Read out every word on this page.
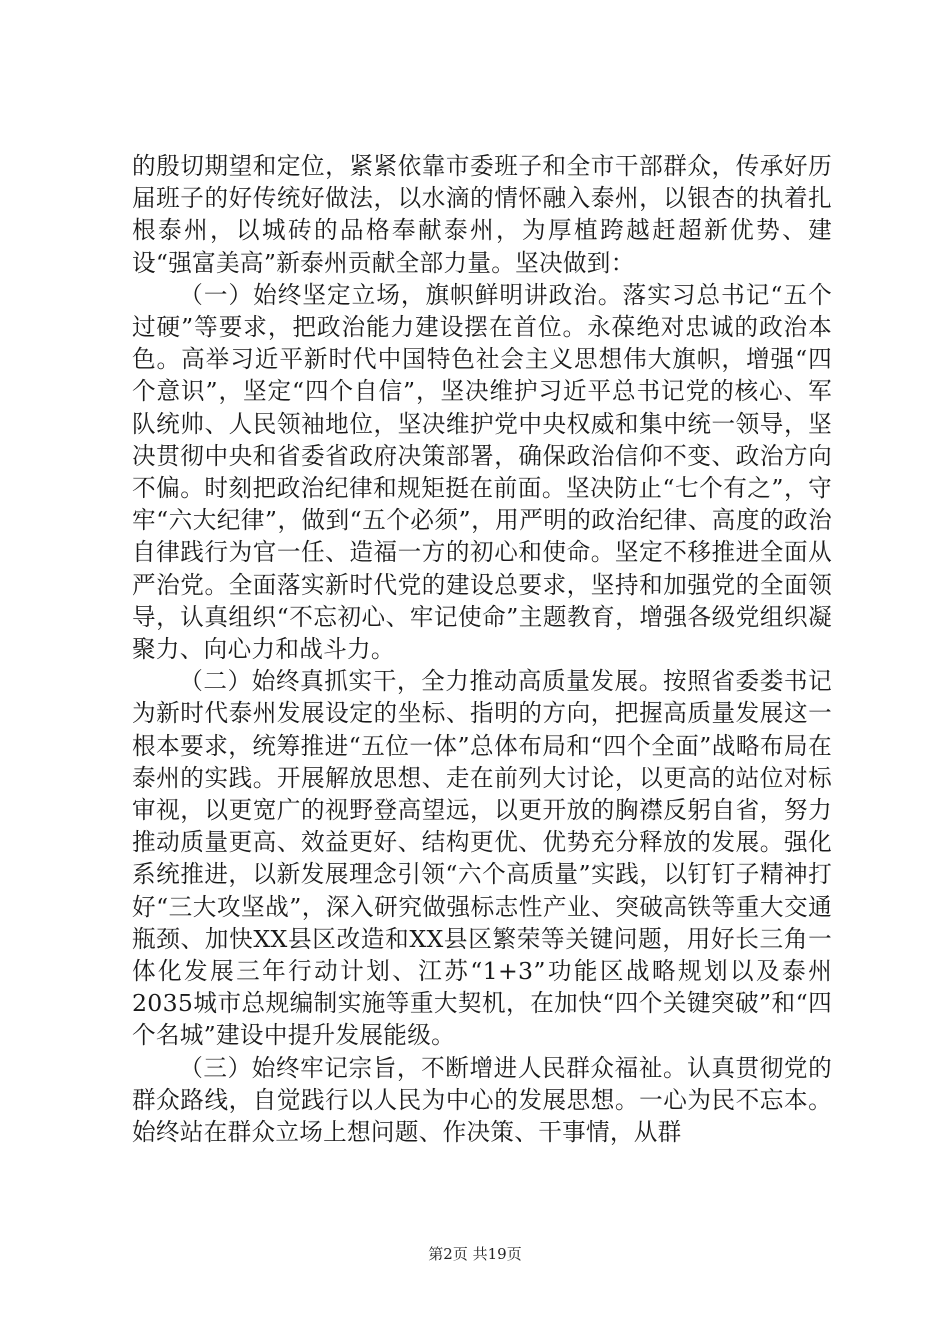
的殷切期望和定位，紧紧依靠市委班子和全市干部群众，传承好历届班子的好传统好做法，以水滴的情怀融入泰州，以银杏的执着扎根泰州，以城砖的品格奉献泰州，为厚植跨越赶超新优势、建设“强富美高”新泰州贡献全部力量。坚决做到：

（一）始终坚定立场，旗帜鲜明讲政治。落实习总书记“五个过硬”等要求，把政治能力建设摆在首位。永葆绝对忠诚的政治本色。高举习近平新时代中国特色社会主义思想伟大旗帜，增强“四个意识”，坚定“四个自信”，坚决维护习近平总书记党的核心、军队统帅、人民领袖地位，坚决维护党中央权威和集中统一领导，坚决贯彻中央和省委省政府决策部署，确保政治信仰不变、政治方向不偏。时刻把政治纪律和规矩挺在前面。坚决防止“七个有之”，守牢“六大纪律”，做到“五个必须”，用严明的政治纪律、高度的政治自律践行为官一任、造福一方的初心和使命。坚定不移推进全面从严治党。全面落实新时代党的建设总要求，坚持和加强党的全面领导，认真组织“不忘初心、牢记使命”主题教育，增强各级党组织凝聚力、向心力和战斗力。

（二）始终真抓实干，全力推动高质量发展。按照省委娄书记为新时代泰州发展设定的坐标、指明的方向，把握高质量发展这一根本要求，统筹推进“五位一体”总体布局和“四个全面”战略布局在泰州的实践。开展解放思想、走在前列大讨论，以更高的站位对标审视，以更宽广的视野登高望远，以更开放的胸襟反躬自省，努力推动质量更高、效益更好、结构更优、优势充分释放的发展。强化系统推进，以新发展理念引领“六个高质量”实践，以钉钉子精神打好“三大攻坚战”，深入研究做强标志性产业、突破高铁等重大交通瓶颈、加快XX县区改造和XX县区繁荣等关键问题，用好长三角一体化发展三年行动计划、江苏“1+3”功能区战略规划以及泰州2035城市总规编制实施等重大契机，在加快“四个关键突破”和“四个名城”建设中提升发展能级。

（三）始终牢记宗旨，不断增进人民群众福祉。认真贯彻党的群众路线，自觉践行以人民为中心的发展思想。一心为民不忘本。始终站在群众立场上想问题、作决策、干事情，从群

第2页 共19页
